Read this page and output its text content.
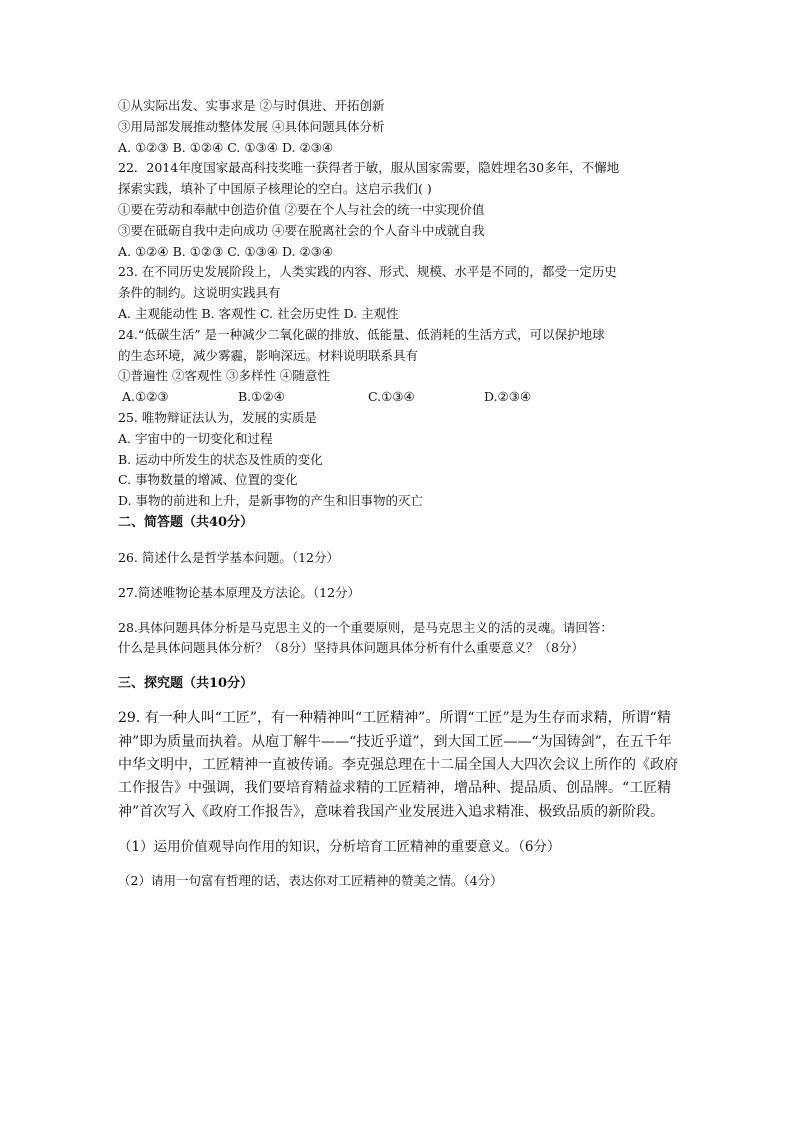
①从实际出发、实事求是 ②与时俱进、开拓创新
③用局部发展推动整体发展 ④具体问题具体分析
A. ①②③ B. ①②④ C. ①③④ D. ②③④
22．2014年度国家最高科技奖唯一获得者于敏，服从国家需要，隐姓埋名30多年，不懈地
探索实践，填补了中国原子核理论的空白。这启示我们( )
①要在劳动和奉献中创造价值 ②要在个人与社会的统一中实现价值
③要在砥砺自我中走向成功 ④要在脱离社会的个人奋斗中成就自我
A. ①②④ B. ①②③ C. ①③④ D. ②③④
23. 在不同历史发展阶段上，人类实践的内容、形式、规模、水平是不同的，都受一定历史
条件的制约。这说明实践具有
A. 主观能动性 B. 客观性 C. 社会历史性 D. 主观性
24.“低碳生活” 是一种减少二氧化碳的排放、低能量、低消耗的生活方式，可以保护地球
的生态环境，减少雾霾，影响深远。材料说明联系具有
①普遍性 ②客观性 ③多样性 ④随意性
A.①②③	B.①②④	C.①③④	D.②③④
25. 唯物辩证法认为，发展的实质是
A. 宇宙中的一切变化和过程
B. 运动中所发生的状态及性质的变化
C. 事物数量的增减、位置的变化
D. 事物的前进和上升，是新事物的产生和旧事物的灭亡
二、简答题（共40分）
26. 简述什么是哲学基本问题。（12分）
27.简述唯物论基本原理及方法论。（12分）
28.具体问题具体分析是马克思主义的一个重要原则，是马克思主义的活的灵魂。请回答：
什么是具体问题具体分析？（8分）坚持具体问题具体分析有什么重要意义？（8分）
三、探究题（共10分）

29. 有一种人叫“工匠”，有一种精神叫“工匠精神”。所谓“工匠”是为生存而求精，所谓“精神”即为质量而执着。从庖丁解牛——“技近乎道”，到大国工匠——“为国铸剑”，在五千年中华文明中，工匠精神一直被传诵。李克强总理在十二届全国人大四次会议上所作的《政府工作报告》中强调，我们要培育精益求精的工匠精神，增品种、提品质、创品牌。“工匠精神”首次写入《政府工作报告》，意味着我国产业发展进入追求精准、极致品质的新阶段。

（1）运用价值观导向作用的知识，分析培育工匠精神的重要意义。（6分）
（2）请用一句富有哲理的话，表达你对工匠精神的赞美之情。（4分）
